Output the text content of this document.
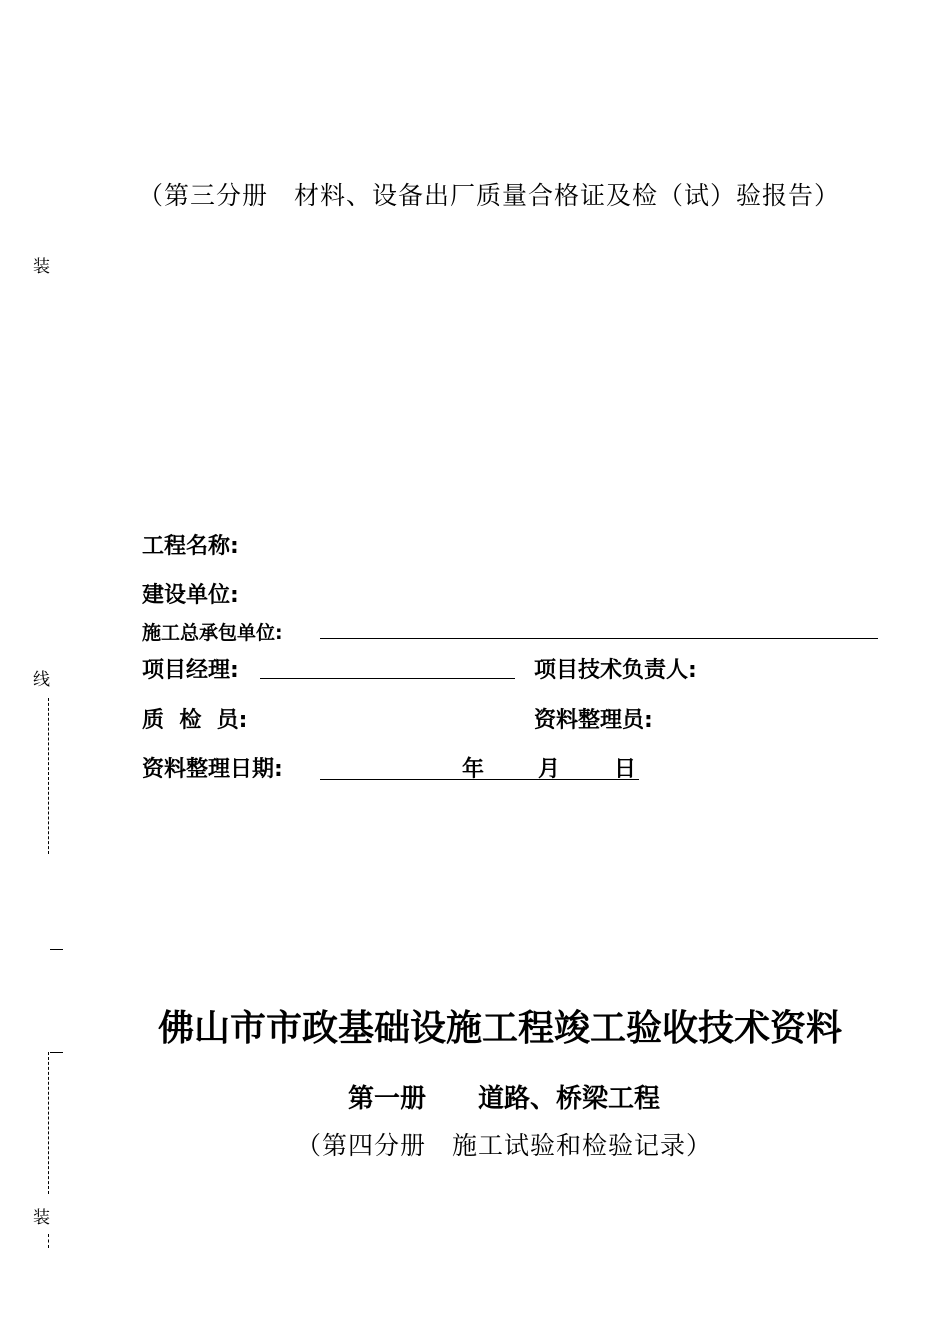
（第三分册　材料、设备出厂质量合格证及检（试）验报告）
装
线
装
工程名称:
建设单位:
施工总承包单位:
项目经理:	项目技术负责人:
质  检  员:	资料整理员:
资料整理日期:	年 月 日
佛山市市政基础设施工程竣工验收技术资料
第一册　　道路、桥梁工程
（第四分册　施工试验和检验记录）
